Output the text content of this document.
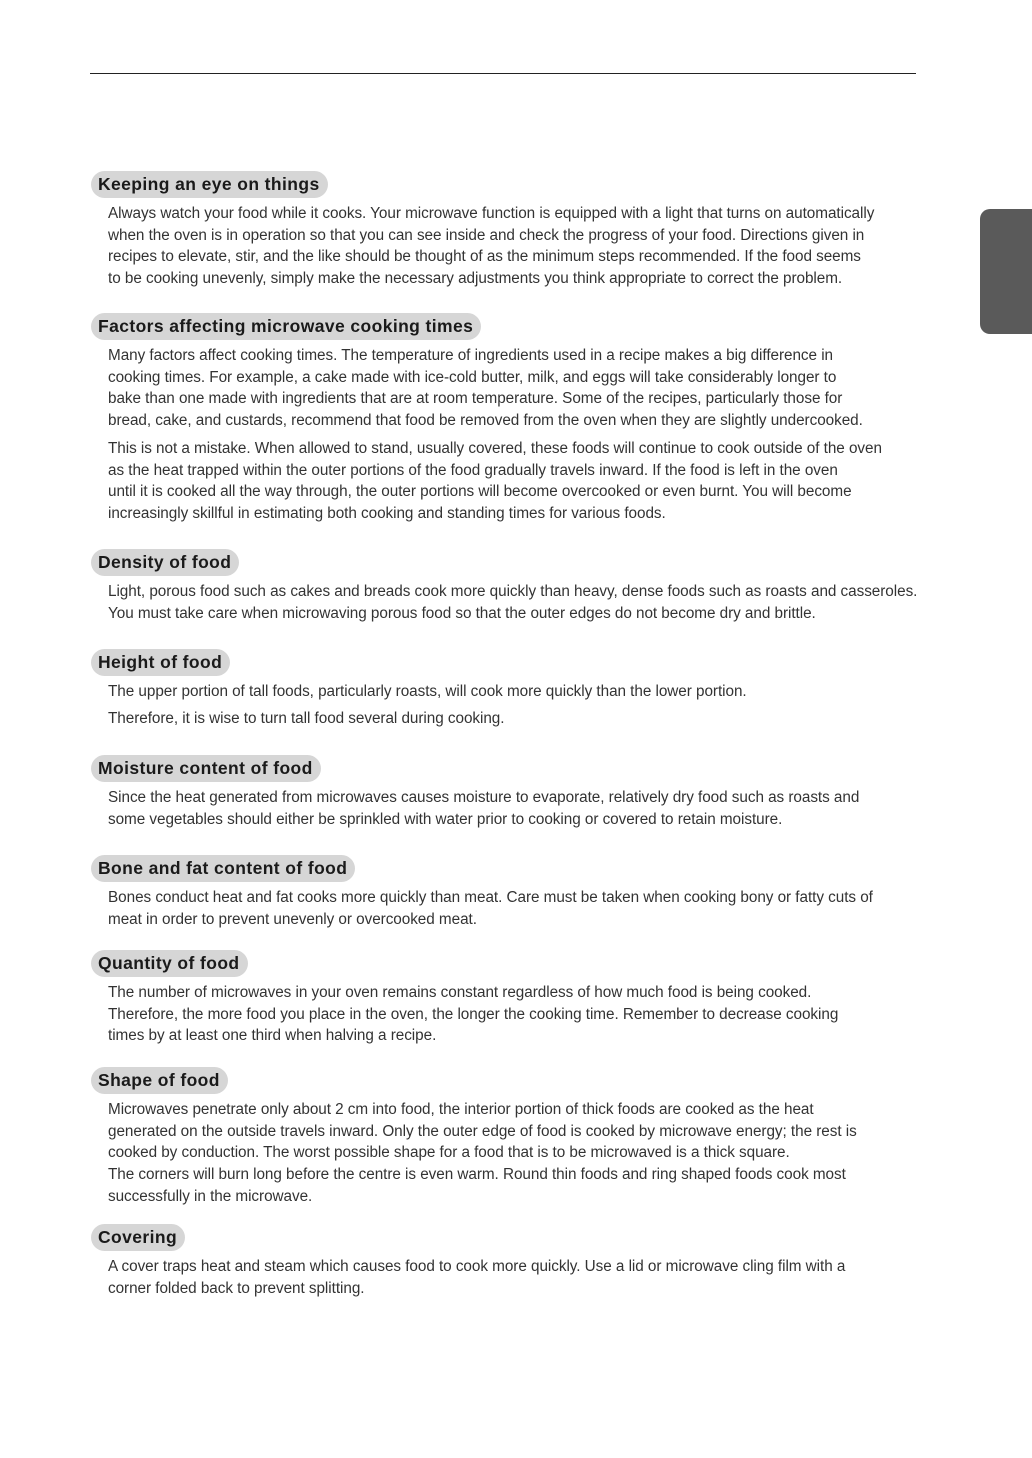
Keeping an eye on things
Always watch your food while it cooks. Your microwave function is equipped with a light that turns on automatically
when the oven is in operation so that you can see inside and check the progress of your food. Directions given in
recipes to elevate, stir, and the like should be thought of as the minimum steps recommended. If the food seems
to be cooking unevenly, simply make the necessary adjustments you think appropriate to correct the problem.
Factors affecting microwave cooking times
Many factors affect cooking times. The temperature of ingredients used in a recipe makes a big difference in
cooking times. For example, a cake made with ice-cold butter, milk, and eggs will take considerably longer to
bake than one made with ingredients that are at room temperature. Some of the recipes, particularly those for
bread, cake, and custards, recommend that food be removed from the oven when they are slightly undercooked.
This is not a mistake. When allowed to stand, usually covered, these foods will continue to cook outside of the oven
as the heat trapped within the outer portions of the food gradually travels inward. If the food is left in the oven
until it is cooked all the way through, the outer portions will become overcooked or even burnt. You will become
increasingly skillful in estimating both cooking and standing times for various foods.
Density of food
Light, porous food such as cakes and breads cook more quickly than heavy, dense foods such as roasts and casseroles.
You must take care when microwaving porous food so that the outer edges do not become dry and brittle.
Height of food
The upper portion of tall foods, particularly roasts, will cook more quickly than the lower portion.
Therefore, it is wise to turn tall food several during cooking.
Moisture content of food
Since the heat generated from microwaves causes moisture to evaporate, relatively dry food such as roasts and
some vegetables should either be sprinkled with water prior to cooking or covered to retain moisture.
Bone and fat content of food
Bones conduct heat and fat cooks more quickly than meat. Care must be taken when cooking bony or fatty cuts of
meat in order to prevent unevenly or overcooked meat.
Quantity of food
The number of microwaves in your oven remains constant regardless of how much food is being cooked.
Therefore, the more food you place in the oven, the longer the cooking time. Remember to decrease cooking
times by at least one third when halving a recipe.
Shape of food
Microwaves penetrate only about 2 cm into food, the interior portion of thick foods are cooked as the heat
generated on the outside travels inward. Only the outer edge of food is cooked by microwave energy; the rest is
cooked by conduction. The worst possible shape for a food that is to be microwaved is a thick square.
The corners will burn long before the centre is even warm. Round thin foods and ring shaped foods cook most
successfully in the microwave.
Covering
A cover traps heat and steam which causes food to cook more quickly. Use a lid or microwave cling film with a
corner folded back to prevent splitting.
